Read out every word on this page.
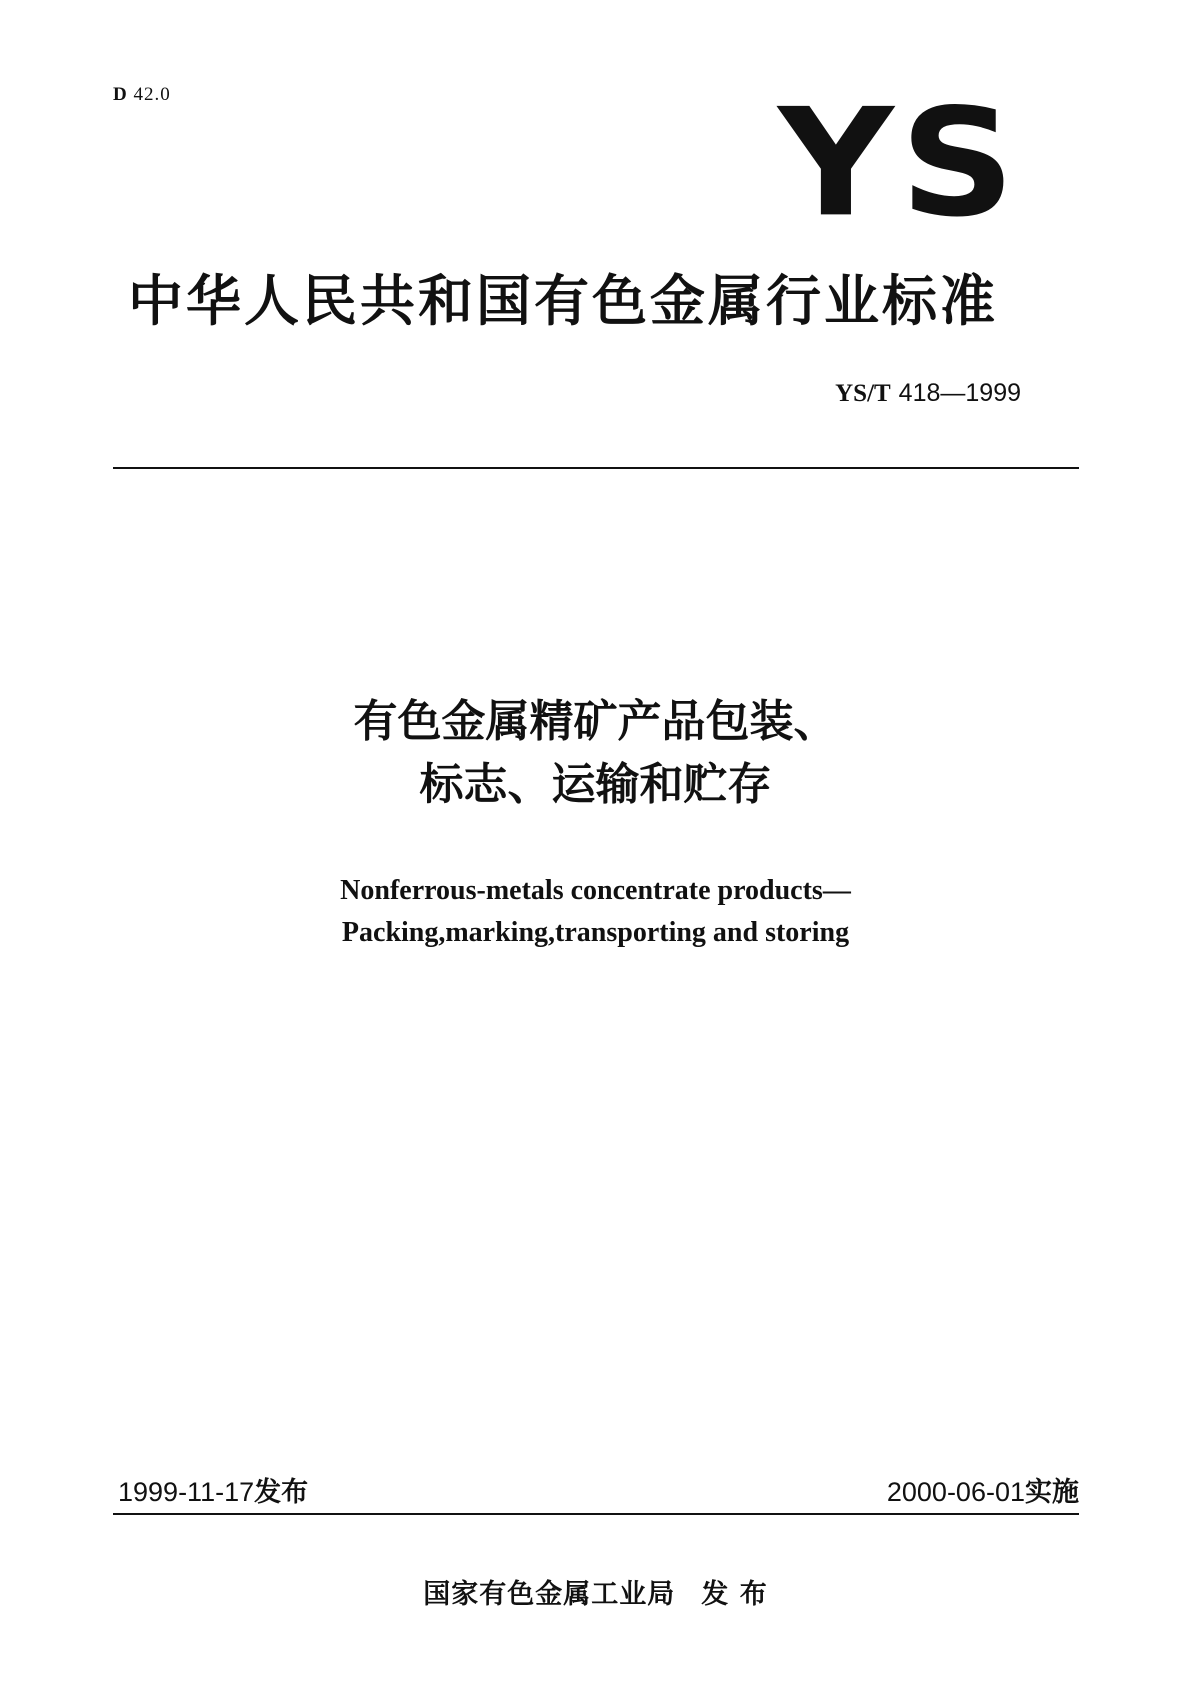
D 42.0	YS
中华人民共和国有色金属行业标准
YS/T 418—1999
有色金属精矿产品包装、
标志、运输和贮存
Nonferrous-metals concentrate products—
Packing,marking,transporting and storing
1999-11-17发布	2000-06-01实施
国家有色金属工业局 发 布
